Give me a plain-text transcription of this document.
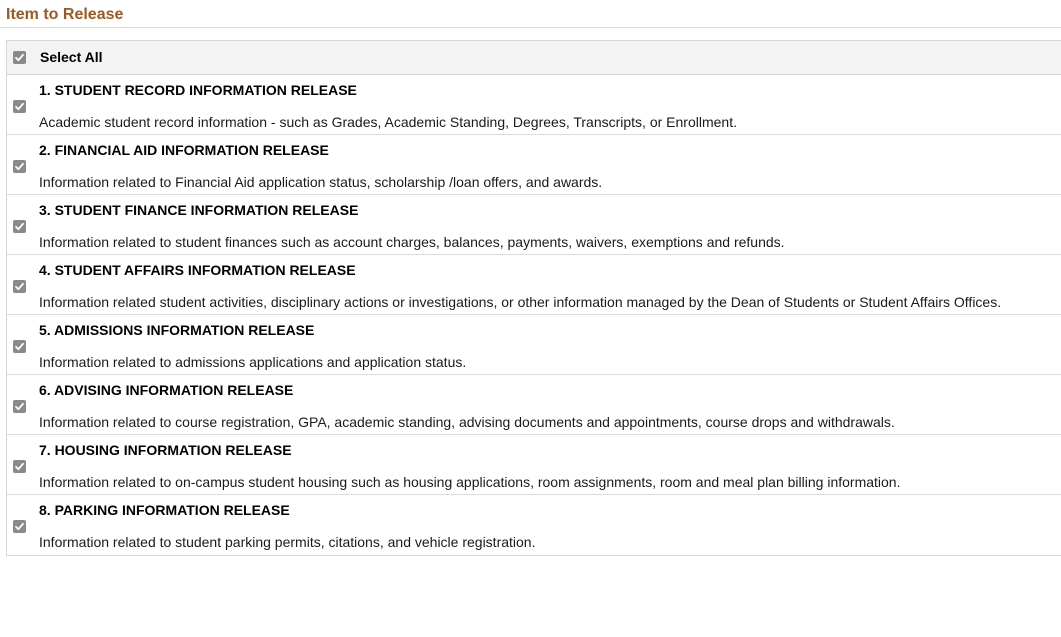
Item to Release
Select All
1. STUDENT RECORD INFORMATION RELEASE
Academic student record information - such as Grades, Academic Standing, Degrees, Transcripts, or Enrollment.
2. FINANCIAL AID INFORMATION RELEASE
Information related to Financial Aid application status, scholarship /loan offers, and awards.
3. STUDENT FINANCE INFORMATION RELEASE
Information related to student finances such as account charges, balances, payments, waivers, exemptions and refunds.
4. STUDENT AFFAIRS INFORMATION RELEASE
Information related student activities, disciplinary actions or investigations, or other information managed by the Dean of Students or Student Affairs Offices.
5. ADMISSIONS INFORMATION RELEASE
Information related to admissions applications and application status.
6. ADVISING INFORMATION RELEASE
Information related to course registration, GPA, academic standing, advising documents and appointments, course drops and withdrawals.
7. HOUSING INFORMATION RELEASE
Information related to on-campus student housing such as housing applications, room assignments, room and meal plan billing information.
8. PARKING INFORMATION RELEASE
Information related to student parking permits, citations, and vehicle registration.
